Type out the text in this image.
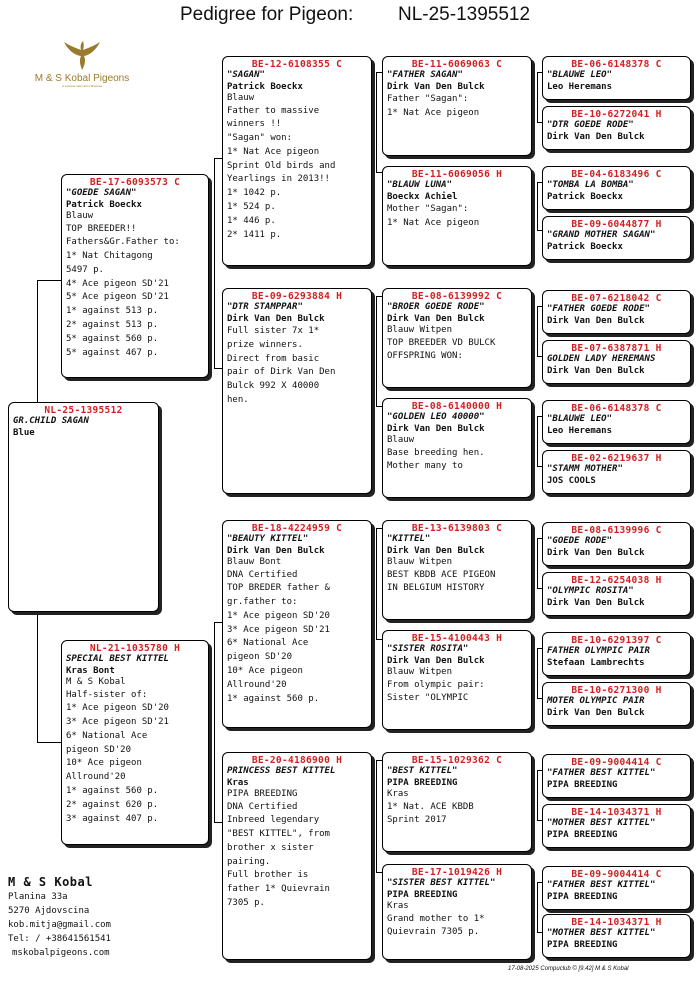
Pedigree for Pigeon: NL-25-1395512
M & S Kobal Pigeons
A success story from Slovenia
NL-25-1395512
GR.CHILD SAGAN
Blue
BE-17-6093573 C
"GOEDE SAGAN"
Patrick Boeckx
Blauw
TOP BREEDER!!
Fathers&Gr.Father to:
1* Nat Chitagong
5497 p.
4* Ace pigeon SD'21
5* Ace pigeon SD'21
1* against 513 p.
2* against 513 p.
5* against 560 p.
5* against 467 p.
NL-21-1035780 H
SPECIAL BEST KITTEL
Kras Bont
M & S Kobal
Half-sister of:
1* Ace pigeon SD'20
3* Ace pigeon SD'21
6* National Ace
pigeon SD'20
10* Ace pigeon
Allround'20
1* against 560 p.
2* against 620 p.
3* against 407 p.
BE-12-6108355 C
"SAGAN"
Patrick Boeckx
Blauw
Father to massive
winners !!
"Sagan" won:
1* Nat Ace pigeon
Sprint Old birds and
Yearlings in 2013!!
1* 1042 p.
1* 524 p.
1* 446 p.
2* 1411 p.
BE-09-6293884 H
"DTR STAMPPAR"
Dirk Van Den Bulck
Full sister 7x 1*
prize winners.
Direct from basic
pair of Dirk Van Den
Bulck 992 X 40000
hen.
BE-18-4224959 C
"BEAUTY KITTEL"
Dirk Van Den Bulck
Blauw Bont
DNA Certified
TOP BREDER father &
gr.father to:
1* Ace pigeon SD'20
3* Ace pigeon SD'21
6* National Ace
pigeon SD'20
10* Ace pigeon
Allround'20
1* against 560 p.
BE-20-4186900 H
PRINCESS BEST KITTEL
Kras
PIPA BREEDING
DNA Certified
Inbreed legendary
"BEST KITTEL", from
brother x sister
pairing.
Full brother is
father 1* Quievrain
7305 p.
BE-11-6069063 C
"FATHER SAGAN"
Dirk Van Den Bulck
Father "Sagan":
1* Nat Ace pigeon
BE-11-6069056 H
"BLAUW LUNA"
Boeckx Achiel
Mother "Sagan":
1* Nat Ace pigeon
BE-08-6139992 C
"BROER GOEDE RODE"
Dirk Van Den Bulck
Blauw Witpen
TOP BREEDER VD BULCK
OFFSPRING WON:
BE-08-6140000 H
"GOLDEN LEO 40000"
Dirk Van Den Bulck
Blauw
Base breeding hen.
Mother many to
BE-13-6139803 C
"KITTEL"
Dirk Van Den Bulck
Blauw Witpen
BEST KBDB ACE PIGEON
IN BELGIUM HISTORY
BE-15-4100443 H
"SISTER ROSITA"
Dirk Van Den Bulck
Blauw Witpen
From olympic pair:
Sister "OLYMPIC
BE-15-1029362 C
"BEST KITTEL"
PIPA BREEDING
Kras
1* Nat. ACE KBDB
Sprint 2017
BE-17-1019426 H
"SISTER BEST KITTEL"
PIPA BREEDING
Kras
Grand mother to 1*
Quievrain 7305 p.
BE-06-6148378 C
"BLAUWE LEO"
Leo Heremans
BE-10-6272041 H
"DTR GOEDE RODE"
Dirk Van Den Bulck
BE-04-6183496 C
"TOMBA LA BOMBA"
Patrick Boeckx
BE-09-6044877 H
"GRAND MOTHER SAGAN"
Patrick Boeckx
BE-07-6218042 C
"FATHER GOEDE RODE"
Dirk Van Den Bulck
BE-07-6387871 H
GOLDEN LADY HEREMANS
Dirk Van Den Bulck
BE-06-6148378 C
"BLAUWE LEO"
Leo Heremans
BE-02-6219637 H
"STAMM MOTHER"
JOS COOLS
BE-08-6139996 C
"GOEDE RODE"
Dirk Van Den Bulck
BE-12-6254038 H
"OLYMPIC ROSITA"
Dirk Van Den Bulck
BE-10-6291397 C
FATHER OLYMPIC PAIR
Stefaan Lambrechts
BE-10-6271300 H
MOTER OLYMPIC PAIR
Dirk Van Den Bulck
BE-09-9004414 C
"FATHER BEST KITTEL"
PIPA BREEDING
BE-14-1034371 H
"MOTHER BEST KITTEL"
PIPA BREEDING
BE-09-9004414 C
"FATHER BEST KITTEL"
PIPA BREEDING
BE-14-1034371 H
"MOTHER BEST KITTEL"
PIPA BREEDING
M & S Kobal
Planina 33a
5270 Ajdovscina
kob.mitja@gmail.com
Tel: / +38641561541
mskobalpigeons.com
17-08-2025 Compuclub © [9.42] M & S Kobal
